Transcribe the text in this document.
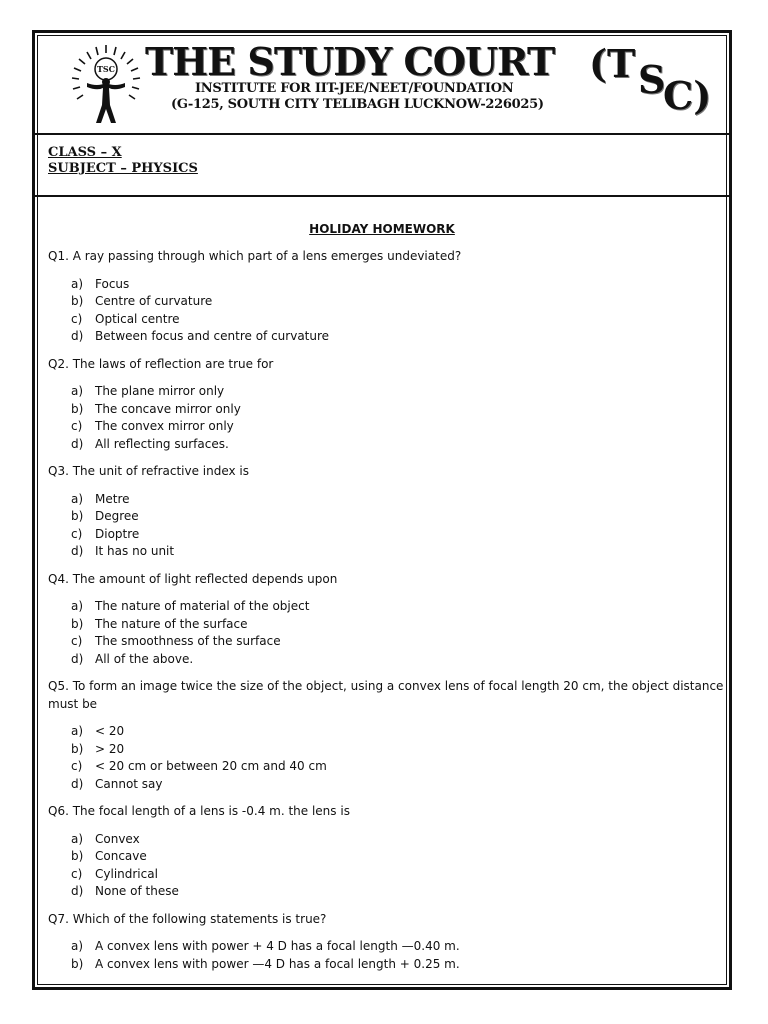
TSC THE STUDY COURT (T S
C)
INSTITUTE FOR IIT-JEE/NEET/FOUNDATION
(G-125, SOUTH CITY TELIBAGH LUCKNOW-226025)
CLASS – X
SUBJECT – PHYSICS
HOLIDAY HOMEWORK
Q1. A ray passing through which part of a lens emerges undeviated?
a) Focus
b) Centre of curvature
c) Optical centre
d) Between focus and centre of curvature
Q2. The laws of reflection are true for
a) The plane mirror only
b) The concave mirror only
c) The convex mirror only
d) All reflecting surfaces.
Q3. The unit of refractive index is
a) Metre
b) Degree
c) Dioptre
d) It has no unit
Q4. The amount of light reflected depends upon
a) The nature of material of the object
b) The nature of the surface
c) The smoothness of the surface
d) All of the above.
Q5. To form an image twice the size of the object, using a convex lens of focal length 20 cm, the object distance must be
a) < 20
b) > 20
c) < 20 cm or between 20 cm and 40 cm
d) Cannot say
Q6. The focal length of a lens is -0.4 m. the lens is
a) Convex
b) Concave
c) Cylindrical
d) None of these
Q7. Which of the following statements is true?
a) A convex lens with power + 4 D has a focal length —0.40 m.
b) A convex lens with power —4 D has a focal length + 0.25 m.
